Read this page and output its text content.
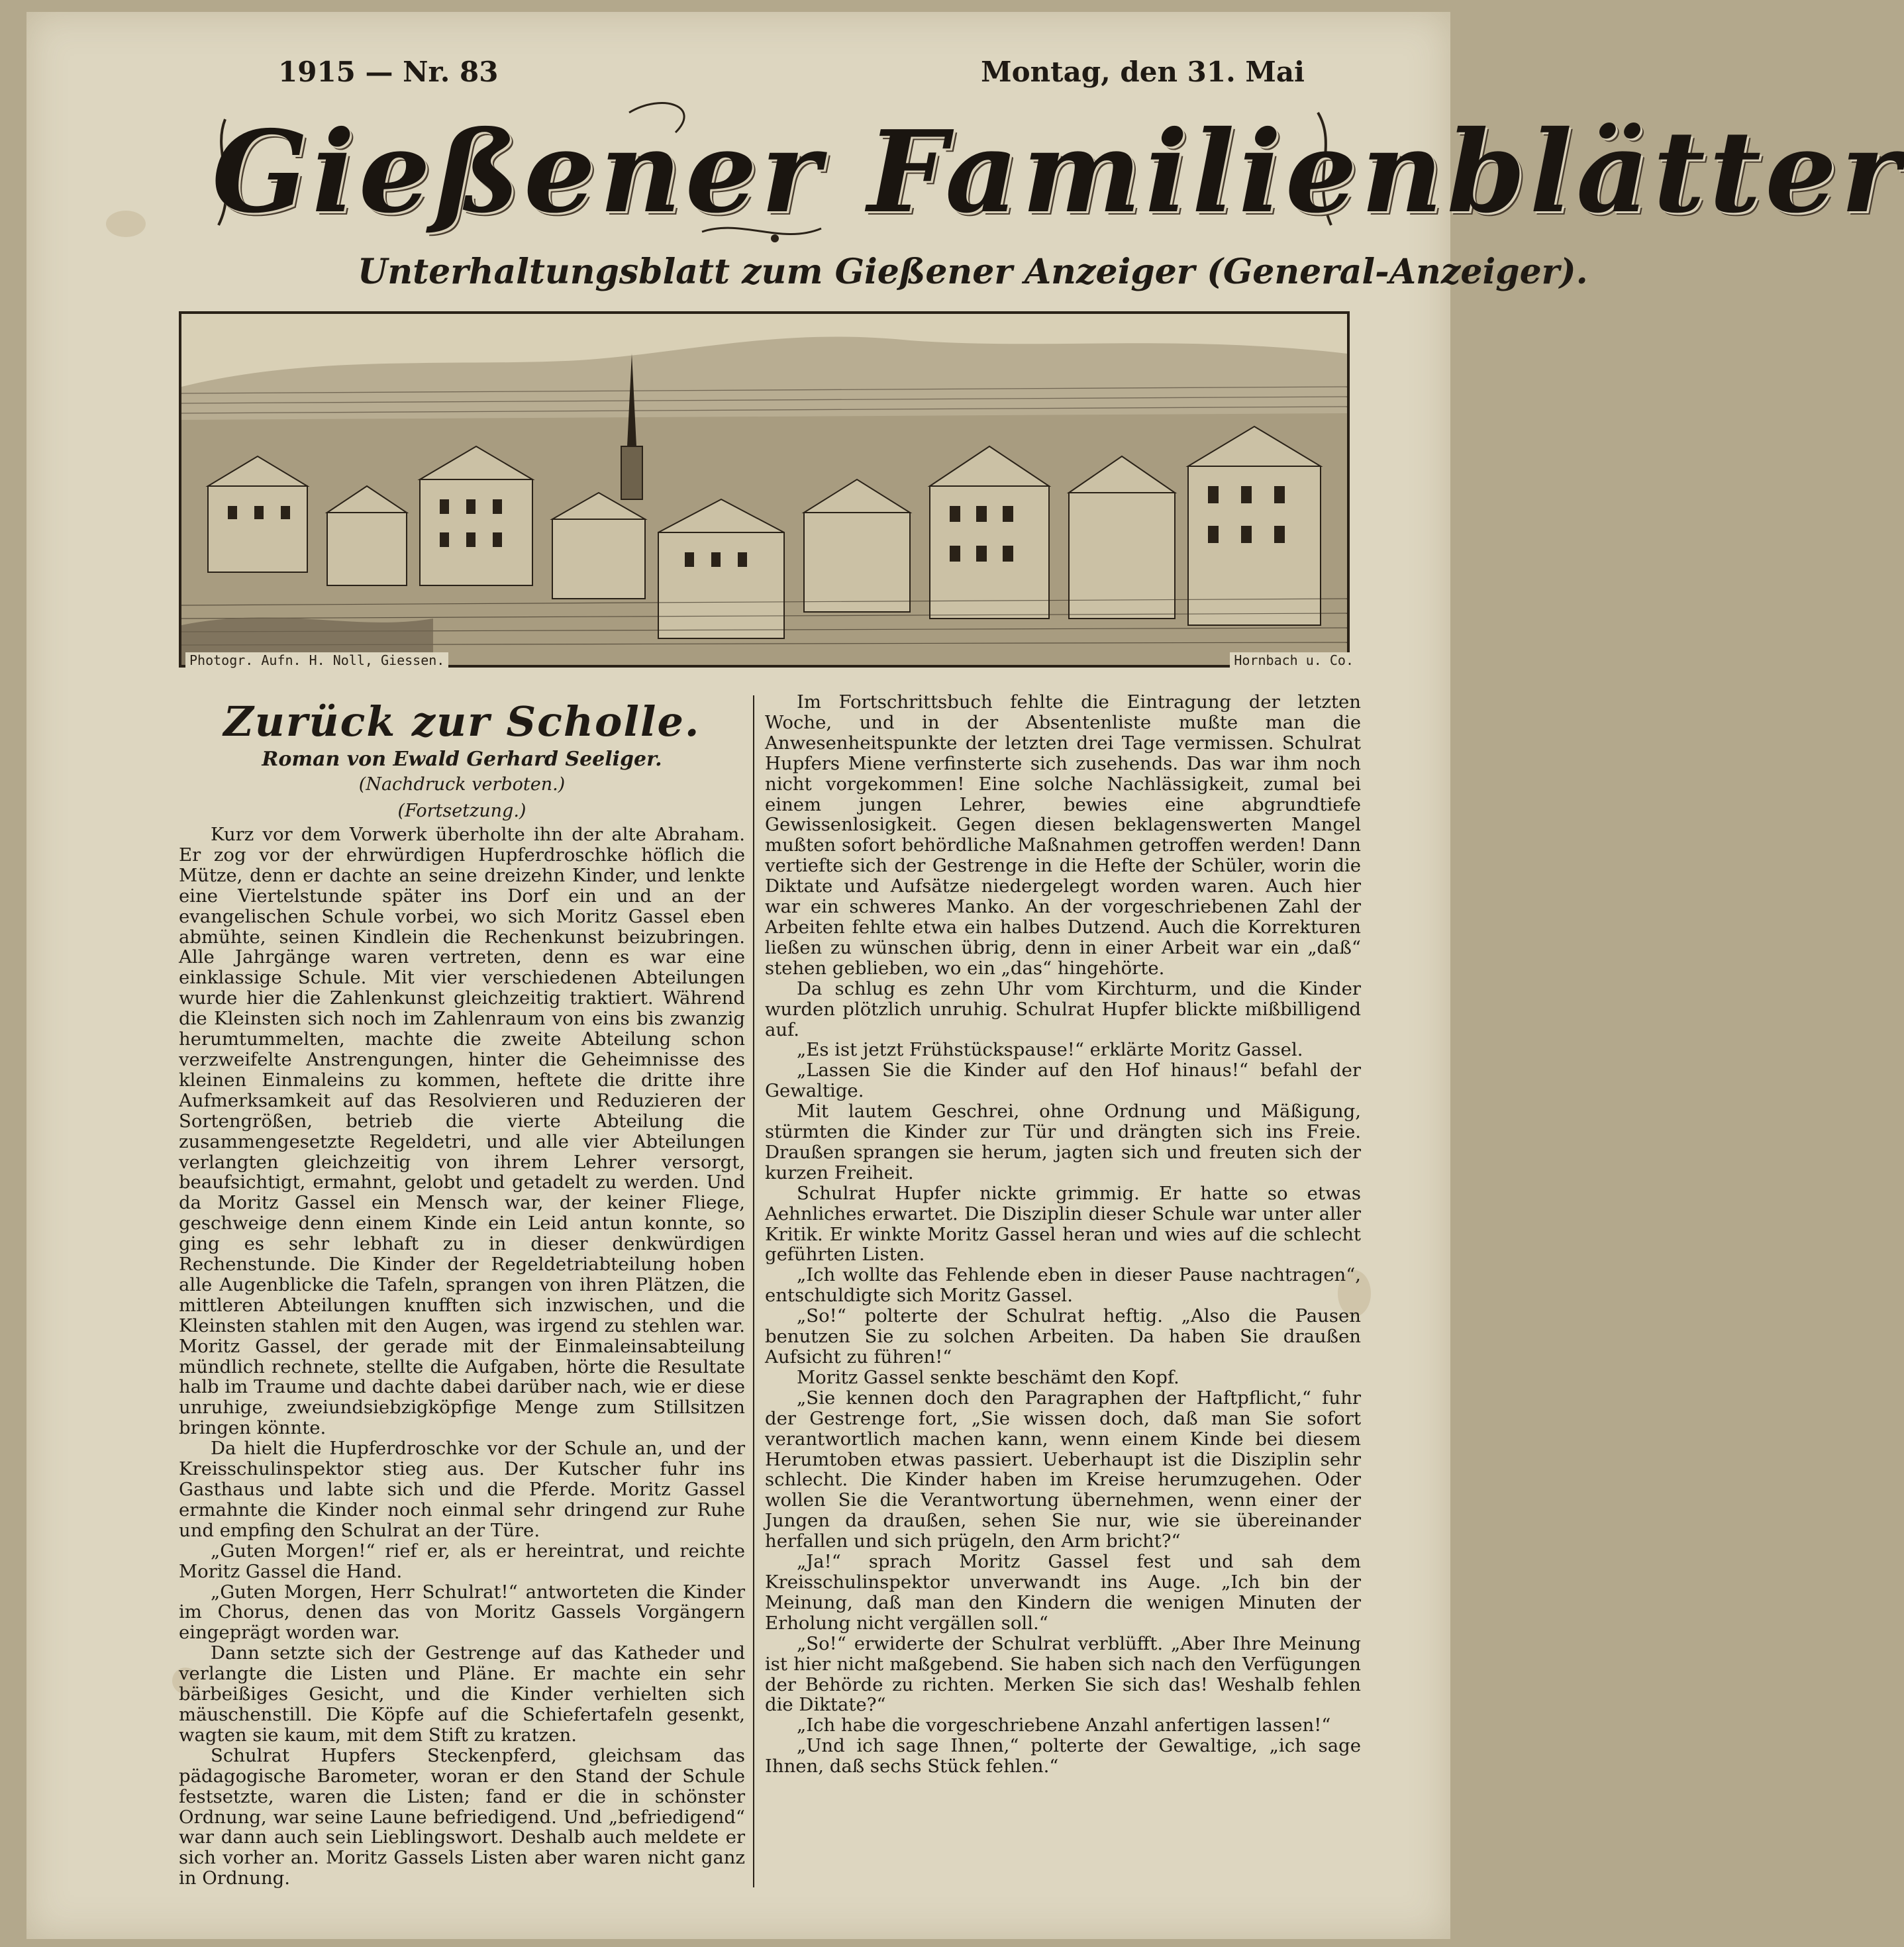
1915 — Nr. 83	Montag, den 31. Mai
Gießener Familienblätter
Unterhaltungsblatt zum Gießener Anzeiger (General-Anzeiger).
Photogr. Aufn. H. Noll, Giessen.	Hornbach u. Co.
Zurück zur Scholle.
Roman von Ewald Gerhard Seeliger.
(Nachdruck verboten.)
(Fortsetzung.)

Kurz vor dem Vorwerk überholte ihn der alte Abraham. Er zog vor der ehrwürdigen Hupferdroschke höflich die Mütze, denn er dachte an seine dreizehn Kinder, und lenkte eine Viertelstunde später ins Dorf ein und an der evangelischen Schule vorbei, wo sich Moritz Gassel eben abmühte, seinen Kindlein die Rechenkunst beizubringen. Alle Jahrgänge waren vertreten, denn es war eine einklassige Schule. Mit vier verschiedenen Abteilungen wurde hier die Zahlenkunst gleichzeitig traktiert. Während die Kleinsten sich noch im Zahlenraum von eins bis zwanzig herumtummelten, machte die zweite Abteilung schon verzweifelte Anstrengungen, hinter die Geheimnisse des kleinen Einmaleins zu kommen, heftete die dritte ihre Aufmerksamkeit auf das Resolvieren und Reduzieren der Sortengrößen, betrieb die vierte Abteilung die zusammengesetzte Regeldetri, und alle vier Abteilungen verlangten gleichzeitig von ihrem Lehrer versorgt, beaufsichtigt, ermahnt, gelobt und getadelt zu werden. Und da Moritz Gassel ein Mensch war, der keiner Fliege, geschweige denn einem Kinde ein Leid antun konnte, so ging es sehr lebhaft zu in dieser denkwürdigen Rechenstunde. Die Kinder der Regeldetriabteilung hoben alle Augenblicke die Tafeln, sprangen von ihren Plätzen, die mittleren Abteilungen knufften sich inzwischen, und die Kleinsten stahlen mit den Augen, was irgend zu stehlen war. Moritz Gassel, der gerade mit der Einmaleinsabteilung mündlich rechnete, stellte die Aufgaben, hörte die Resultate halb im Traume und dachte dabei darüber nach, wie er diese unruhige, zweiundsiebzigköpfige Menge zum Stillsitzen bringen könnte.

Da hielt die Hupferdroschke vor der Schule an, und der Kreisschulinspektor stieg aus. Der Kutscher fuhr ins Gasthaus und labte sich und die Pferde. Moritz Gassel ermahnte die Kinder noch einmal sehr dringend zur Ruhe und empfing den Schulrat an der Türe.

„Guten Morgen!“ rief er, als er hereintrat, und reichte Moritz Gassel die Hand.

„Guten Morgen, Herr Schulrat!“ antworteten die Kinder im Chorus, denen das von Moritz Gassels Vorgängern eingeprägt worden war.

Dann setzte sich der Gestrenge auf das Katheder und verlangte die Listen und Pläne. Er machte ein sehr bärbeißiges Gesicht, und die Kinder verhielten sich mäuschenstill. Die Köpfe auf die Schiefertafeln gesenkt, wagten sie kaum, mit dem Stift zu kratzen.

Schulrat Hupfers Steckenpferd, gleichsam das pädagogische Barometer, woran er den Stand der Schule festsetzte, waren die Listen; fand er die in schönster Ordnung, war seine Laune befriedigend. Und „befriedigend“ war dann auch sein Lieblingswort. Deshalb auch meldete er sich vorher an. Moritz Gassels Listen aber waren nicht ganz in Ordnung.

Im Fortschrittsbuch fehlte die Eintragung der letzten Woche, und in der Absentenliste mußte man die Anwesenheitspunkte der letzten drei Tage vermissen. Schulrat Hupfers Miene verfinsterte sich zusehends. Das war ihm noch nicht vorgekommen! Eine solche Nachlässigkeit, zumal bei einem jungen Lehrer, bewies eine abgrundtiefe Gewissenlosigkeit. Gegen diesen beklagenswerten Mangel mußten sofort behördliche Maßnahmen getroffen werden! Dann vertiefte sich der Gestrenge in die Hefte der Schüler, worin die Diktate und Aufsätze niedergelegt worden waren. Auch hier war ein schweres Manko. An der vorgeschriebenen Zahl der Arbeiten fehlte etwa ein halbes Dutzend. Auch die Korrekturen ließen zu wünschen übrig, denn in einer Arbeit war ein „daß“ stehen geblieben, wo ein „das“ hingehörte.

Da schlug es zehn Uhr vom Kirchturm, und die Kinder wurden plötzlich unruhig. Schulrat Hupfer blickte mißbilligend auf.

„Es ist jetzt Frühstückspause!“ erklärte Moritz Gassel.

„Lassen Sie die Kinder auf den Hof hinaus!“ befahl der Gewaltige.

Mit lautem Geschrei, ohne Ordnung und Mäßigung, stürmten die Kinder zur Tür und drängten sich ins Freie. Draußen sprangen sie herum, jagten sich und freuten sich der kurzen Freiheit.

Schulrat Hupfer nickte grimmig. Er hatte so etwas Aehnliches erwartet. Die Disziplin dieser Schule war unter aller Kritik. Er winkte Moritz Gassel heran und wies auf die schlecht geführten Listen.

„Ich wollte das Fehlende eben in dieser Pause nachtragen“, entschuldigte sich Moritz Gassel.

„So!“ polterte der Schulrat heftig. „Also die Pausen benutzen Sie zu solchen Arbeiten. Da haben Sie draußen Aufsicht zu führen!“

Moritz Gassel senkte beschämt den Kopf.

„Sie kennen doch den Paragraphen der Haftpflicht,“ fuhr der Gestrenge fort, „Sie wissen doch, daß man Sie sofort verantwortlich machen kann, wenn einem Kinde bei diesem Herumtoben etwas passiert. Ueberhaupt ist die Disziplin sehr schlecht. Die Kinder haben im Kreise herumzugehen. Oder wollen Sie die Verantwortung übernehmen, wenn einer der Jungen da draußen, sehen Sie nur, wie sie übereinander herfallen und sich prügeln, den Arm bricht?“

„Ja!“ sprach Moritz Gassel fest und sah dem Kreisschulinspektor unverwandt ins Auge. „Ich bin der Meinung, daß man den Kindern die wenigen Minuten der Erholung nicht vergällen soll.“

„So!“ erwiderte der Schulrat verblüfft. „Aber Ihre Meinung ist hier nicht maßgebend. Sie haben sich nach den Verfügungen der Behörde zu richten. Merken Sie sich das! Weshalb fehlen die Diktate?“

„Ich habe die vorgeschriebene Anzahl anfertigen lassen!“

„Und ich sage Ihnen,“ polterte der Gewaltige, „ich sage Ihnen, daß sechs Stück fehlen.“
